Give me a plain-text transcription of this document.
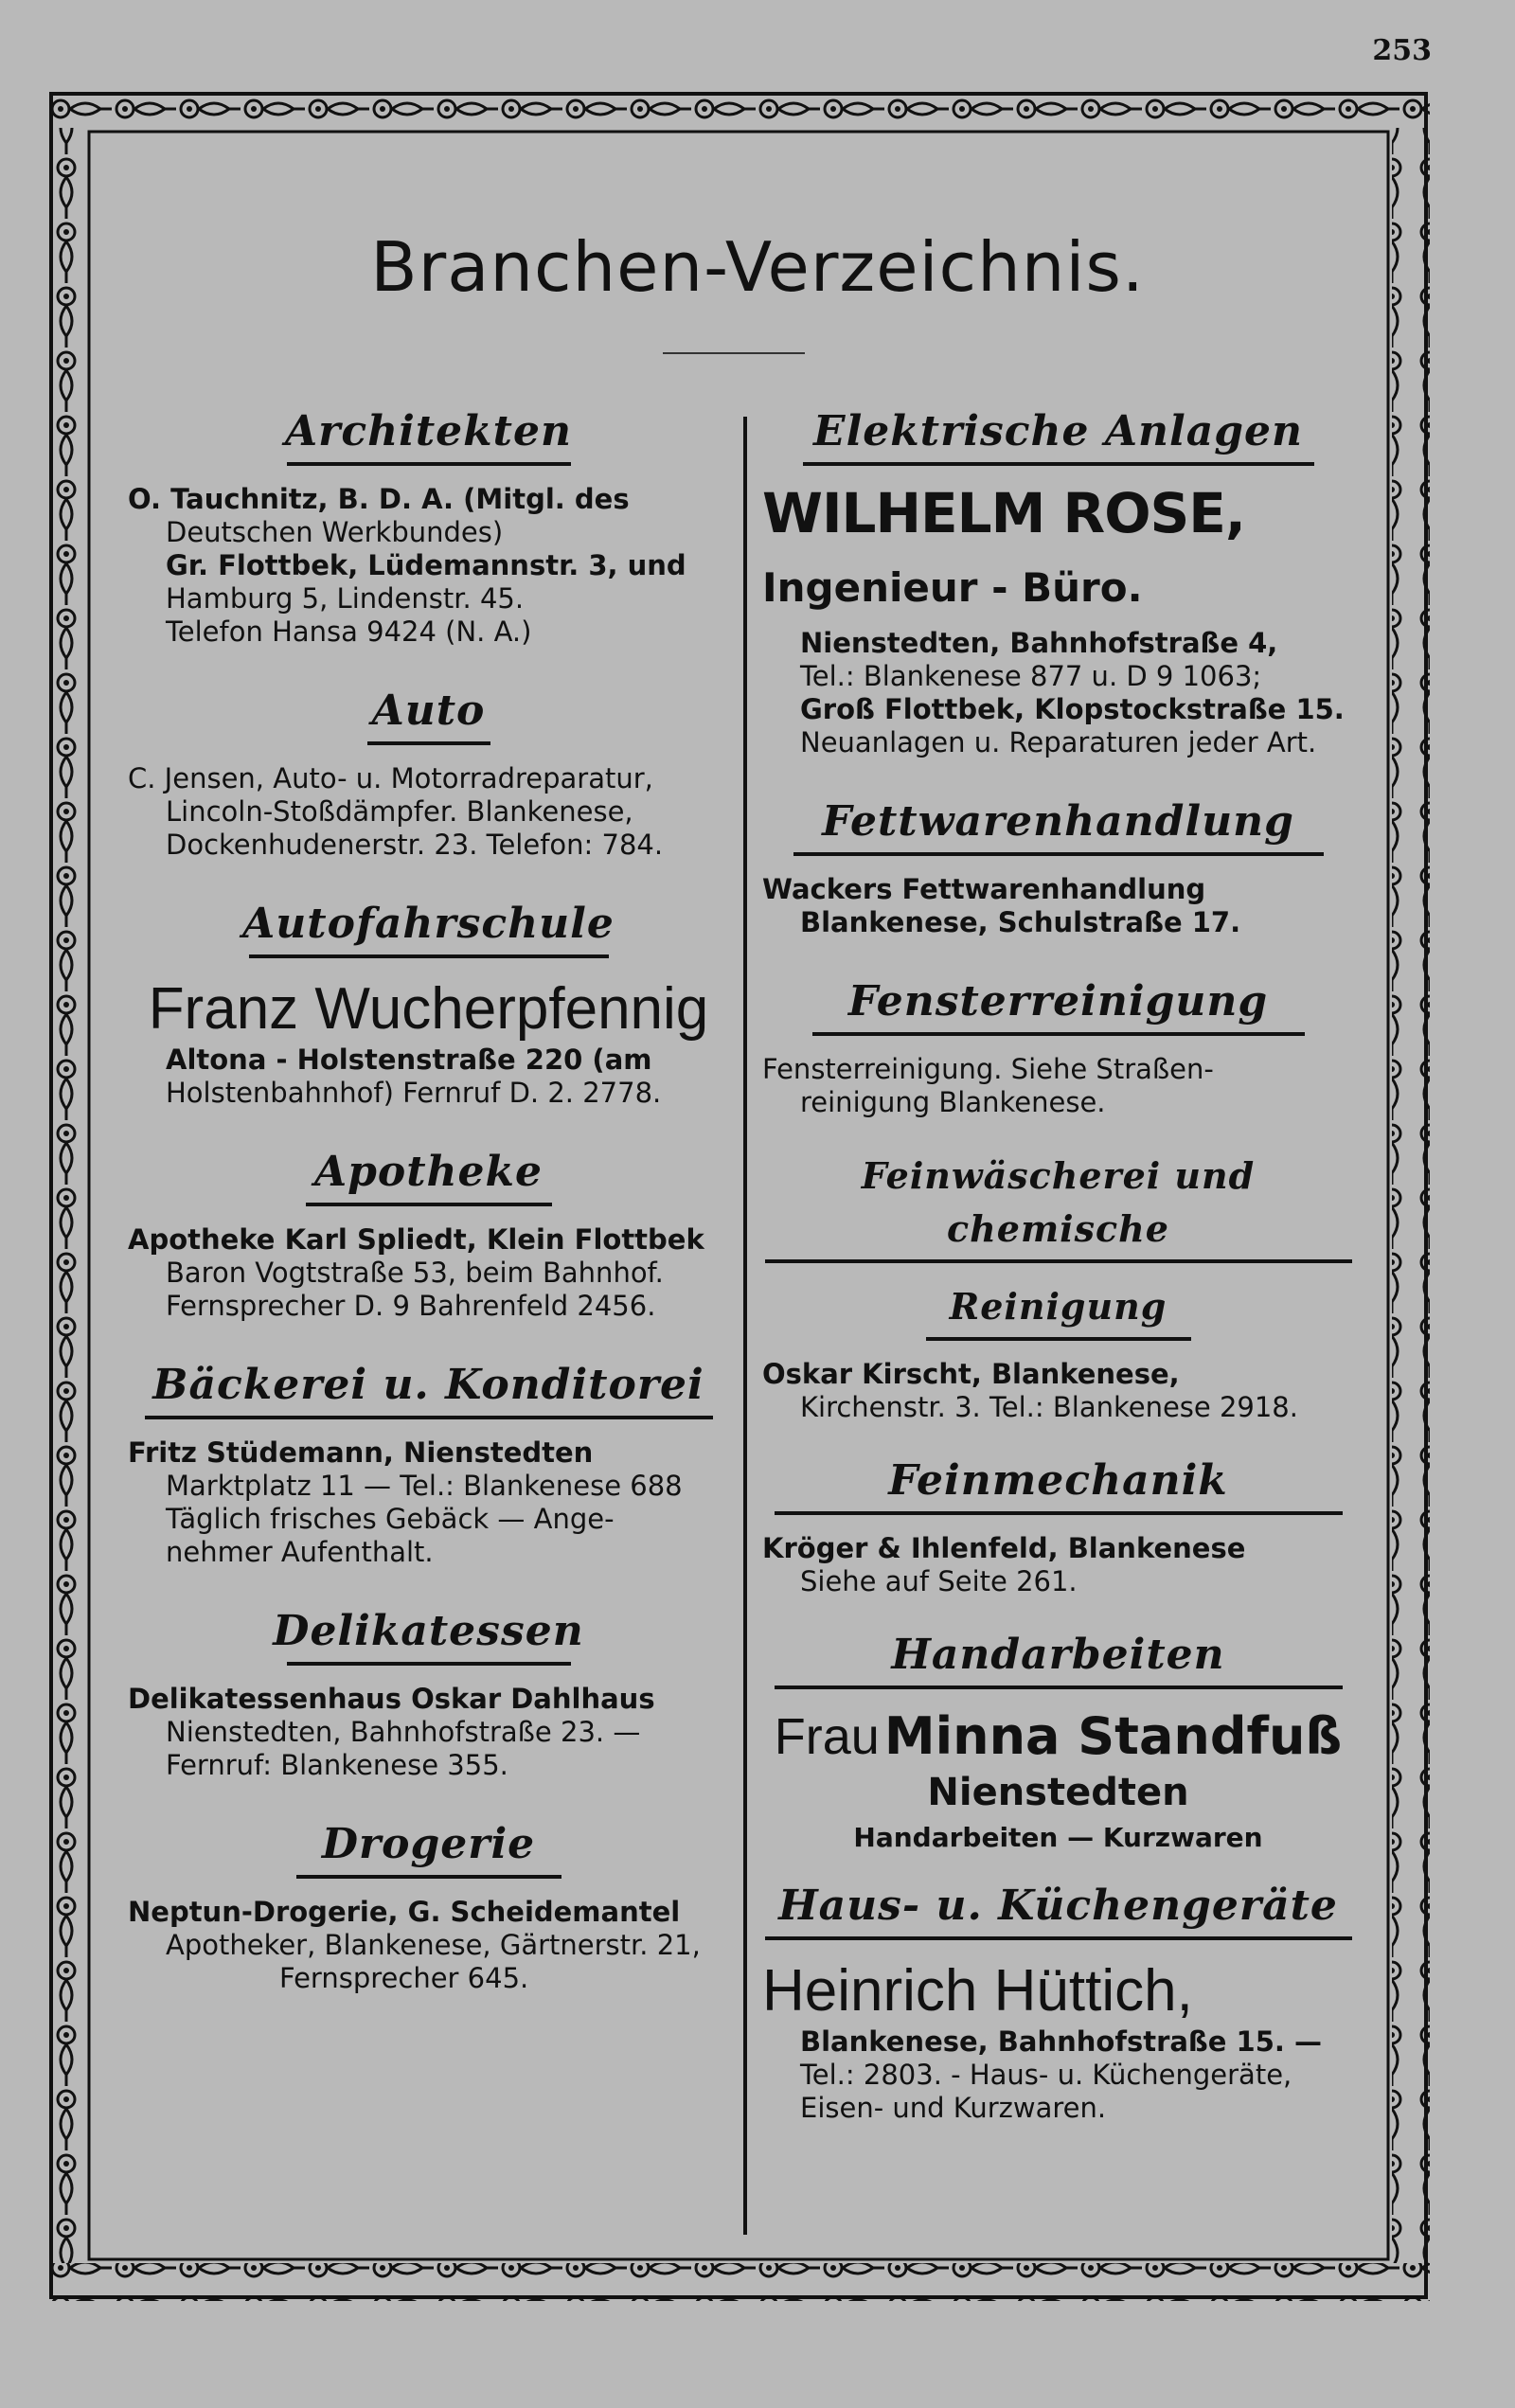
253
Branchen-Verzeichnis.
Architekten
O. Tauchnitz, B. D. A. (Mitgl. des
Deutschen Werkbundes)
Gr. Flottbek, Lüdemannstr. 3, und
Hamburg 5, Lindenstr. 45.
Telefon Hansa 9424 (N. A.)
Auto
C. Jensen, Auto- u. Motorradreparatur,
Lincoln-Stoßdämpfer. Blankenese,
Dockenhudenerstr. 23. Telefon: 784.
Autofahrschule
Franz Wucherpfennig
Altona - Holstenstraße 220 (am
Holstenbahnhof) Fernruf D. 2. 2778.
Apotheke
Apotheke Karl Spliedt, Klein Flottbek
Baron Vogtstraße 53, beim Bahnhof.
Fernsprecher D. 9 Bahrenfeld 2456.
Bäckerei u. Konditorei
Fritz Stüdemann, Nienstedten
Marktplatz 11 — Tel.: Blankenese 688
Täglich frisches Gebäck — Ange-
nehmer Aufenthalt.
Delikatessen
Delikatessenhaus Oskar Dahlhaus
Nienstedten, Bahnhofstraße 23. —
Fernruf: Blankenese 355.
Drogerie
Neptun-Drogerie, G. Scheidemantel
Apotheker, Blankenese, Gärtnerstr. 21,
Fernsprecher 645.
Elektrische Anlagen
WILHELM ROSE, Ingenieur - Büro.
Nienstedten, Bahnhofstraße 4,
Tel.: Blankenese 877 u. D 9 1063;
Groß Flottbek, Klopstockstraße 15.
Neuanlagen u. Reparaturen jeder Art.
Fettwarenhandlung
Wackers Fettwarenhandlung
Blankenese, Schulstraße 17.
Fensterreinigung
Fensterreinigung. Siehe Straßen-
reinigung Blankenese.
Feinwäscherei und chemische
Reinigung
Oskar Kirscht, Blankenese,
Kirchenstr. 3. Tel.: Blankenese 2918.
Feinmechanik
Kröger & Ihlenfeld, Blankenese
Siehe auf Seite 261.
Handarbeiten
Frau Minna Standfuß
Nienstedten
Handarbeiten — Kurzwaren
Haus- u. Küchengeräte
Heinrich Hüttich,
Blankenese, Bahnhofstraße 15. —
Tel.: 2803. - Haus- u. Küchengeräte,
Eisen- und Kurzwaren.
